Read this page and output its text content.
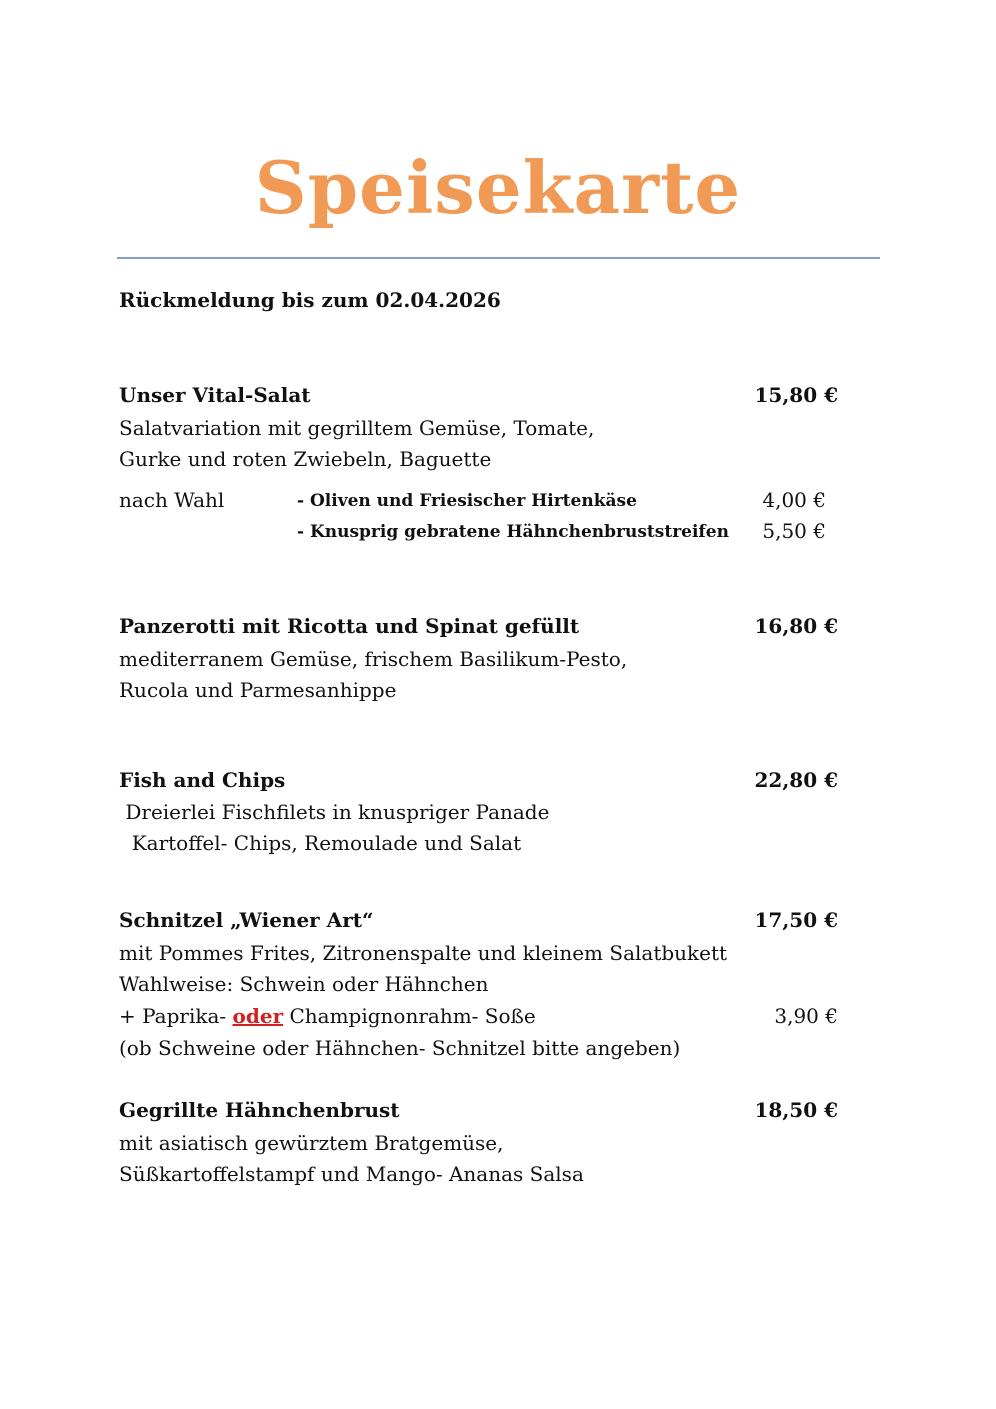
Speisekarte
Rückmeldung bis zum 02.04.2026
Unser Vital-Salat	15,80 €
Salatvariation mit gegrilltem Gemüse, Tomate,
Gurke und roten Zwiebeln, Baguette
nach Wahl	- Oliven und Friesischer Hirtenkäse	4,00 €
- Knusprig gebratene Hähnchenbruststreifen 5,50 €
Panzerotti mit Ricotta und Spinat gefüllt	16,80 €
mediterranem Gemüse, frischem Basilikum-Pesto,
Rucola und Parmesanhippe
Fish and Chips	22,80 €
Dreierlei Fischfilets in knuspriger Panade
Kartoffel- Chips, Remoulade und Salat
Schnitzel „Wiener Art“	17,50 €
mit Pommes Frites, Zitronenspalte und kleinem Salatbukett
Wahlweise: Schwein oder Hähnchen
+ Paprika- oder Champignonrahm- Soße	3,90 €
(ob Schweine oder Hähnchen- Schnitzel bitte angeben)
Gegrillte Hähnchenbrust	18,50 €
mit asiatisch gewürztem Bratgemüse,
Süßkartoffelstampf und Mango- Ananas Salsa
